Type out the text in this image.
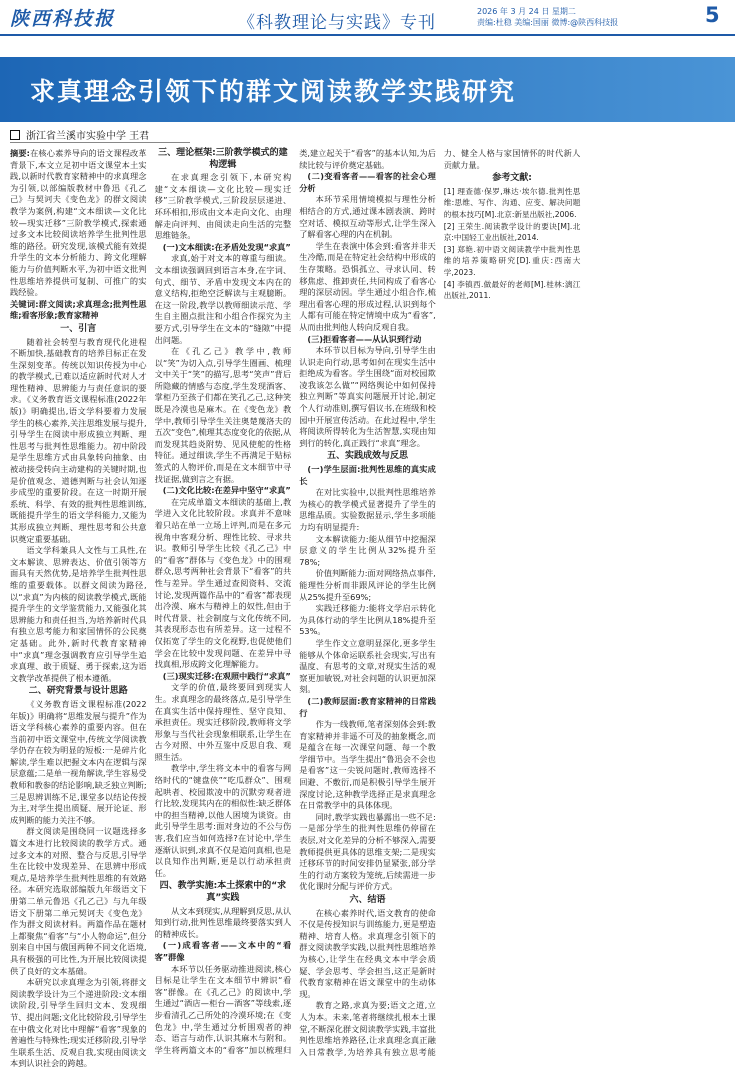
陕西科技报	《科教理论与实践》专刊
2026 年 3 月 24 日 星期二
责编:杜稳 美编:国丽 微博:@陕西科技报	5
求真理念引领下的群文阅读教学实践研究
浙江省兰溪市实验中学 王君

摘要:在核心素养导向的语文课程改革背景下,本文立足初中语文课堂本土实践,以新时代教育家精神中的求真理念为引领,以部编版教材中鲁迅《孔乙己》与契诃夫《变色龙》的群文阅读教学为案例,构建“文本细读—文化比较—现实迁移”三阶教学模式,探索通过多文本比较阅读培养学生批判性思维的路径。研究发现,该模式能有效提升学生的文本分析能力、跨文化理解能力与价值判断水平,为初中语文批判性思维培养提供可复制、可推广的实践经验。

关键词:群文阅读;求真理念;批判性思维;看客形象;教育家精神

一、引言

随着社会转型与教育现代化进程不断加快,基础教育的培养目标正在发生深刻变革。传统以知识传授为中心的教学模式,已难以适应新时代对人才理性精神、思辨能力与责任意识的要求。《义务教育语文课程标准(2022年版)》明确提出,语文学科要着力发展学生的核心素养,关注思维发展与提升,引导学生在阅读中形成独立判断、理性思考与批判性思维能力。初中阶段是学生思维方式由具象转向抽象、由被动接受转向主动建构的关键时期,也是价值观念、道德判断与社会认知逐步成型的重要阶段。在这一时期开展系统、科学、有效的批判性思维训练,既能提升学生的语文学科能力,又能为其形成独立判断、理性思考和公共意识奠定重要基础。

语文学科兼具人文性与工具性,在文本解读、思辨表达、价值引领等方面具有天然优势,是培养学生批判性思维的重要载体。以群文阅读为路径,以“求真”为内核的阅读教学模式,既能提升学生的文学鉴赏能力,又能强化其思辨能力和责任担当,为培养新时代具有独立思考能力和家国情怀的公民奠定基础。此外,新时代教育家精神中“求真”理念强调教育应引导学生追求真理、敢于质疑、勇于探索,这为语文教学改革提供了根本遵循。

二、研究背景与设计思路

《义务教育语文课程标准(2022年版)》明确将“思维发展与提升”作为语文学科核心素养的重要内容。但在当前初中语文课堂中,传统文学阅读教学仍存在较为明显的短板:一是碎片化解读,学生难以把握文本内在逻辑与深层意蕴;二是单一视角解读,学生容易受教师和教参的结论影响,缺乏独立判断;三是思辨训练不足,课堂多以结论传授为主,对学生提出质疑、展开论证、形成判断的能力关注不够。

群文阅读是围绕同一议题选择多篇文本进行比较阅读的教学方式。通过多文本的对照、整合与反思,引导学生在比较中发现差异、在思辨中形成观点,是培养学生批判性思维的有效路径。本研究选取部编版九年级语文下册第二单元鲁迅《孔乙己》与九年级语文下册第二单元契诃夫《变色龙》作为群文阅读材料。两篇作品在题材上都聚焦“看客”与“小人物命运”,但分别来自中国与俄国两种不同文化语境,具有极强的可比性,为开展比较阅读提供了良好的文本基础。

本研究以求真理念为引领,将群文阅读教学设计为三个递进阶段:文本细读阶段,引导学生回归文本、发现细节、提出问题;文化比较阶段,引导学生在中俄文化对比中理解“看客”现象的普遍性与特殊性;现实迁移阶段,引导学生联系生活、反观自我,实现由阅读文本到认识社会的跨越。

三、理论框架:三阶教学模式的建构逻辑

在求真理念引领下,本研究构建“文本细读—文化比较—现实迁移”三阶教学模式,三阶段层层递进、环环相扣,形成由文本走向文化、由理解走向评判、由阅读走向生活的完整思维链条。

(一)文本细读:在矛盾处发现“求真”

求真,始于对文本的尊重与细读。文本细读强调回到语言本身,在字词、句式、细节、矛盾中发现文本内在的意义结构,拒绝空泛解读与主观臆断。在这一阶段,教学以教师细读示范、学生自主圈点批注和小组合作探究为主要方式,引导学生在文本的“缝隙”中提出问题。

在《孔乙己》教学中,教师以“笑”为切入点,引导学生圈画、梳理文中关于“笑”的描写,思考“笑声”背后所隐藏的情感与态度,学生发现酒客、掌柜乃至孩子们都在笑孔乙己,这种笑既是冷漠也是麻木。在《变色龙》教学中,教师引导学生关注奥楚蔑洛夫的五次“变色”,梳理其态度变化的依据,从而发现其趋炎附势、见风使舵的性格特征。通过细读,学生不再满足于贴标签式的人物评价,而是在文本细节中寻找证据,做到言之有据。

(二)文化比较:在差异中坚守“求真”

在完成单篇文本细读的基础上,教学进入文化比较阶段。求真并不意味着只站在单一立场上评判,而是在多元视角中客观分析、理性比较、寻求共识。教师引导学生比较《孔乙己》中的“看客”群体与《变色龙》中的围观群众,思考两种社会背景下“看客”的共性与差异。学生通过查阅资料、交流讨论,发现两篇作品中的“看客”都表现出冷漠、麻木与精神上的奴性,但由于时代背景、社会制度与文化传统不同,其表现形态也有所差异。这一过程不仅拓宽了学生的文化视野,也促使他们学会在比较中发现问题、在差异中寻找真相,形成跨文化理解能力。

(三)现实迁移:在观照中践行“求真”

文学的价值,最终要回到现实人生。求真理念的最终落点,是引导学生在真实生活中保持理性、坚守良知、承担责任。现实迁移阶段,教师将文学形象与当代社会现象相联系,让学生在古今对照、中外互鉴中反思自我、观照生活。

教学中,学生将文本中的看客与网络时代的“键盘侠”“吃瓜群众”、围观起哄者、校园欺凌中的沉默旁观者进行比较,发现其内在的相似性:缺乏群体中的担当精神,以他人困境为谈资。由此引导学生思考:面对身边的不公与伤害,我们应当如何选择?在讨论中,学生逐渐认识到,求真不仅是追问真相,也是以良知作出判断,更是以行动承担责任。

四、教学实施:本土探索中的“求真”实践

从文本到现实,从理解到反思,从认知到行动,批判性思维最终要落实到人的精神成长。

(一)成看客者——文本中的“看客”群像

本环节以任务驱动推进阅读,核心目标是让学生在文本细节中辨识“看客”群像。在《孔乙己》的阅读中,学生通过“酒店—柜台—酒客”等线索,逐步看清孔乙己所处的冷漠环境;在《变色龙》中,学生通过分析围观者的神态、语言与动作,认识其麻木与附和。学生将两篇文本的“看客”加以梳理归类,建立起关于“看客”的基本认知,为后续比较与评价奠定基础。

(二)变看客者——看客的社会心理分析

本环节采用情境模拟与理性分析相结合的方式,通过课本剧表演、跨时空对话、模拟互动等形式,让学生深入了解看客心理的内在机制。

学生在表演中体会到:看客并非天生冷酷,而是在特定社会结构中形成的生存策略。恐惧孤立、寻求认同、转移焦虑、推卸责任,共同构成了看客心理的深层动因。学生通过小组合作,梳理出看客心理的形成过程,认识到每个人都有可能在特定情境中成为“看客”,从而由批判他人转向反观自我。

(三)拒看客者——从认识到行动

本环节以目标为导向,引导学生由认识走向行动,思考如何在现实生活中拒绝成为看客。学生围绕“面对校园欺凌我该怎么做”“网络舆论中如何保持独立判断”等真实问题展开讨论,制定个人行动准则,撰写倡议书,在班级和校园中开展宣传活动。在此过程中,学生将阅读所得转化为生活智慧,实现由知到行的转化,真正践行“求真”理念。

五、实践成效与反思
(一)学生层面:批判性思维的真实成长

在对比实验中,以批判性思维培养为核心的教学模式显著提升了学生的思维品质。实验数据显示,学生多项能力均有明显提升:

文本解读能力:能从细节中挖掘深层意义的学生比例从32%提升至78%;

价值判断能力:面对网络热点事件,能理性分析而非跟风评论的学生比例从25%提升至69%;

实践迁移能力:能将文学启示转化为具体行动的学生比例从18%提升至53%。

学生作文立意明显深化,更多学生能够从个体命运联系社会现实,写出有温度、有思考的文章,对现实生活的观察更加敏锐,对社会问题的认识更加深刻。

(二)教师层面:教育家精神的日常践行

作为一线教师,笔者深刻体会到:教育家精神并非遥不可及的抽象概念,而是蕴含在每一次课堂问题、每一个教学细节中。当学生提出“鲁迅会不会也是看客”这一尖锐问题时,教师选择不回避、不敷衍,而是积极引导学生展开深度讨论,这种教学选择正是求真理念在日常教学中的具体体现。

同时,教学实践也暴露出一些不足:一是部分学生的批判性思维仍停留在表层,对文化差异的分析不够深入,需要教师提供更具体的思维支架;二是现实迁移环节的时间安排仍显紧张,部分学生的行动方案较为笼统,后续需进一步优化课时分配与评价方式。

六、结语

在核心素养时代,语文教育的使命不仅是传授知识与训练能力,更是塑造精神、培育人格。求真理念引领下的群文阅读教学实践,以批判性思维培养为核心,让学生在经典文本中学会质疑、学会思考、学会担当,这正是新时代教育家精神在语文课堂中的生动体现。

教育之路,求真为要;语文之道,立人为本。未来,笔者将继续扎根本土课堂,不断深化群文阅读教学实践,丰富批判性思维培养路径,让求真理念真正融入日常教学,为培养具有独立思考能力、健全人格与家国情怀的时代新人贡献力量。

参考文献:

[1] 理查德·保罗,琳达·埃尔德.批判性思维:思维、写作、沟通、应变、解决问题的根本技巧[M].北京:新星出版社,2006.

[2] 王荣生.阅读教学设计的要诀[M].北京:中国轻工业出版社,2014.

[3] 郑艳.初中语文阅读教学中批判性思维的培养策略研究[D].重庆:西南大学,2023.

[4] 李镇西.做最好的老师[M].桂林:漓江出版社,2011.
